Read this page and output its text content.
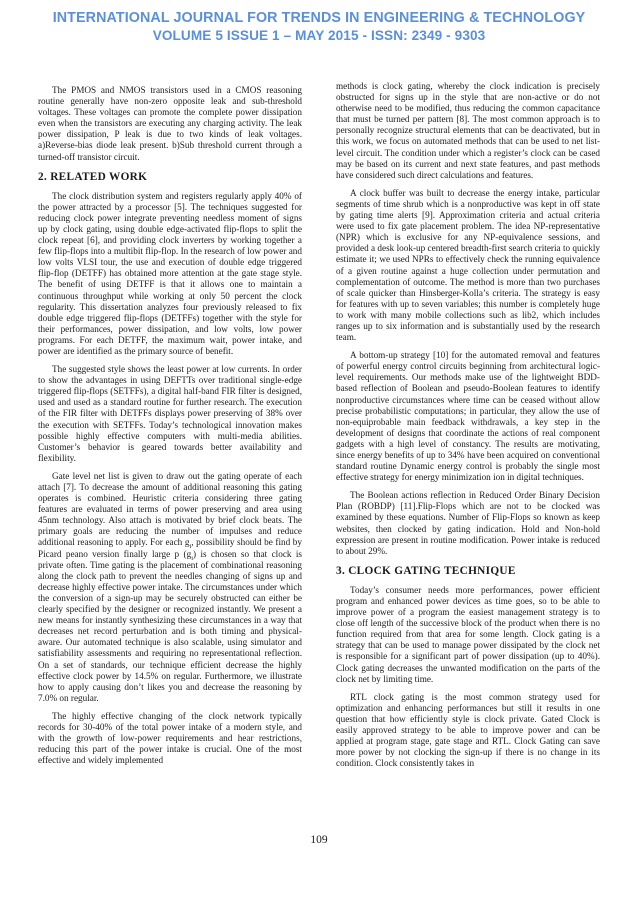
INTERNATIONAL JOURNAL FOR TRENDS IN ENGINEERING & TECHNOLOGY

VOLUME 5 ISSUE 1 – MAY 2015 - ISSN: 2349 - 9303

The PMOS and NMOS transistors used in a CMOS reasoning routine generally have non-zero opposite leak and sub-threshold voltages. These voltages can promote the complete power dissipation even when the transistors are executing any charging activity. The leak power dissipation, P leak is due to two kinds of leak voltages. a)Reverse-bias diode leak present. b)Sub threshold current through a turned-off transistor circuit.

2. RELATED WORK

The clock distribution system and registers regularly apply 40% of the power attracted by a processor [5]. The techniques suggested for reducing clock power integrate preventing needless moment of signs up by clock gating, using double edge-activated flip-flops to split the clock repeat [6], and providing clock inverters by working together a few flip-flops into a multibit flip-flop. In the research of low power and low volts VLSI tour, the use and execution of double edge triggered flip-flop (DETFF) has obtained more attention at the gate stage style. The benefit of using DETFF is that it allows one to maintain a continuous throughput while working at only 50 percent the clock regularity. This dissertation analyzes four previously released to fix double edge triggered flip-flops (DETFFs) together with the style for their performances, power dissipation, and low volts, low power programs. For each DETFF, the maximum wait, power intake, and power are identified as the primary source of benefit.

The suggested style shows the least power at low currents. In order to show the advantages in using DEFTTs over traditional single-edge triggered flip-flops (SETFFs), a digital half-band FIR filter is designed, used and used as a standard routine for further research. The execution of the FIR filter with DETFFs displays power preserving of 38% over the execution with SETFFs. Today’s technological innovation makes possible highly effective computers with multi-media abilities. Customer’s behavior is geared towards better availability and flexibility.

Gate level net list is given to draw out the gating operate of each attach [7]. To decrease the amount of additional reasoning this gating operates is combined. Heuristic criteria considering three gating features are evaluated in terms of power preserving and area using 45nm technology. Also attach is motivated by brief clock beats. The primary goals are reducing the number of impulses and reduce additional reasoning to apply. For each $g_i$, possibility should be find by Picard peano version finally large p $(g_i)$ is chosen so that clock is private often. Time gating is the placement of combinational reasoning along the clock path to prevent the needles changing of signs up and decrease highly effective power intake. The circumstances under which the conversion of a sign-up may be securely obstructed can either be clearly specified by the designer or recognized instantly. We present a new means for instantly synthesizing these circumstances in a way that decreases net record perturbation and is both timing and physical-aware. Our automated technique is also scalable, using simulator and satisfiability assessments and requiring no representational reflection. On a set of standards, our technique efficient decrease the highly effective clock power by 14.5% on regular. Furthermore, we illustrate how to apply causing don’t likes you and decrease the reasoning by 7.0% on regular.

The highly effective changing of the clock network typically records for 30-40% of the total power intake of a modern style, and with the growth of low-power requirements and hear restrictions, reducing this part of the power intake is crucial. One of the most effective and widely implemented

methods is clock gating, whereby the clock indication is precisely obstructed for signs up in the style that are non-active or do not otherwise need to be modified, thus reducing the common capacitance that must be turned per pattern [8]. The most common approach is to personally recognize structural elements that can be deactivated, but in this work, we focus on automated methods that can be used to net list-level circuit. The condition under which a register’s clock can be cased may be based on its current and next state features, and past methods have considered such direct calculations and features.

A clock buffer was built to decrease the energy intake, particular segments of time shrub which is a nonproductive was kept in off state by gating time alerts [9]. Approximation criteria and actual criteria were used to fix gate placement problem. The idea NP-representative (NPR) which is exclusive for any NP-equivalence sessions, and provided a desk look-up centered breadth-first search criteria to quickly estimate it; we used NPRs to effectively check the running equivalence of a given routine against a huge collection under permutation and complementation of outcome. The method is more than two purchases of scale quicker than Hinsberger-Kolla’s criteria. The strategy is easy for features with up to seven variables; this number is completely huge to work with many mobile collections such as lib2, which includes ranges up to six information and is substantially used by the research team.

A bottom-up strategy [10] for the automated removal and features of powerful energy control circuits beginning from architectural logic-level requirements. Our methods make use of the lightweight BDD-based reflection of Boolean and pseudo-Boolean features to identify nonproductive circumstances where time can be ceased without allow precise probabilistic computations; in particular, they allow the use of non-equiprobable main feedback withdrawals, a key step in the development of designs that coordinate the actions of real component gadgets with a high level of constancy. The results are motivating, since energy benefits of up to 34% have been acquired on conventional standard routine Dynamic energy control is probably the single most effective strategy for energy minimization ion in digital techniques.

The Boolean actions reflection in Reduced Order Binary Decision Plan (ROBDP) [11].Flip-Flops which are not to be clocked was examined by these equations. Number of Flip-Flops so known as keep websites, then clocked by gating indication. Hold and Non-hold expression are present in routine modification. Power intake is reduced to about 29%.

3. CLOCK GATING TECHNIQUE

Today’s consumer needs more performances, power efficient program and enhanced power devices as time goes, so to be able to improve power of a program the easiest management strategy is to close off length of the successive block of the product when there is no function required from that area for some length. Clock gating is a strategy that can be used to manage power dissipated by the clock net is responsible for a significant part of power dissipation (up to 40%). Clock gating decreases the unwanted modification on the parts of the clock net by limiting time.

RTL clock gating is the most common strategy used for optimization and enhancing performances but still it results in one question that how efficiently style is clock private. Gated Clock is easily approved strategy to be able to improve power and can be applied at program stage, gate stage and RTL. Clock Gating can save more power by not clocking the sign-up if there is no change in its condition. Clock consistently takes in

109
